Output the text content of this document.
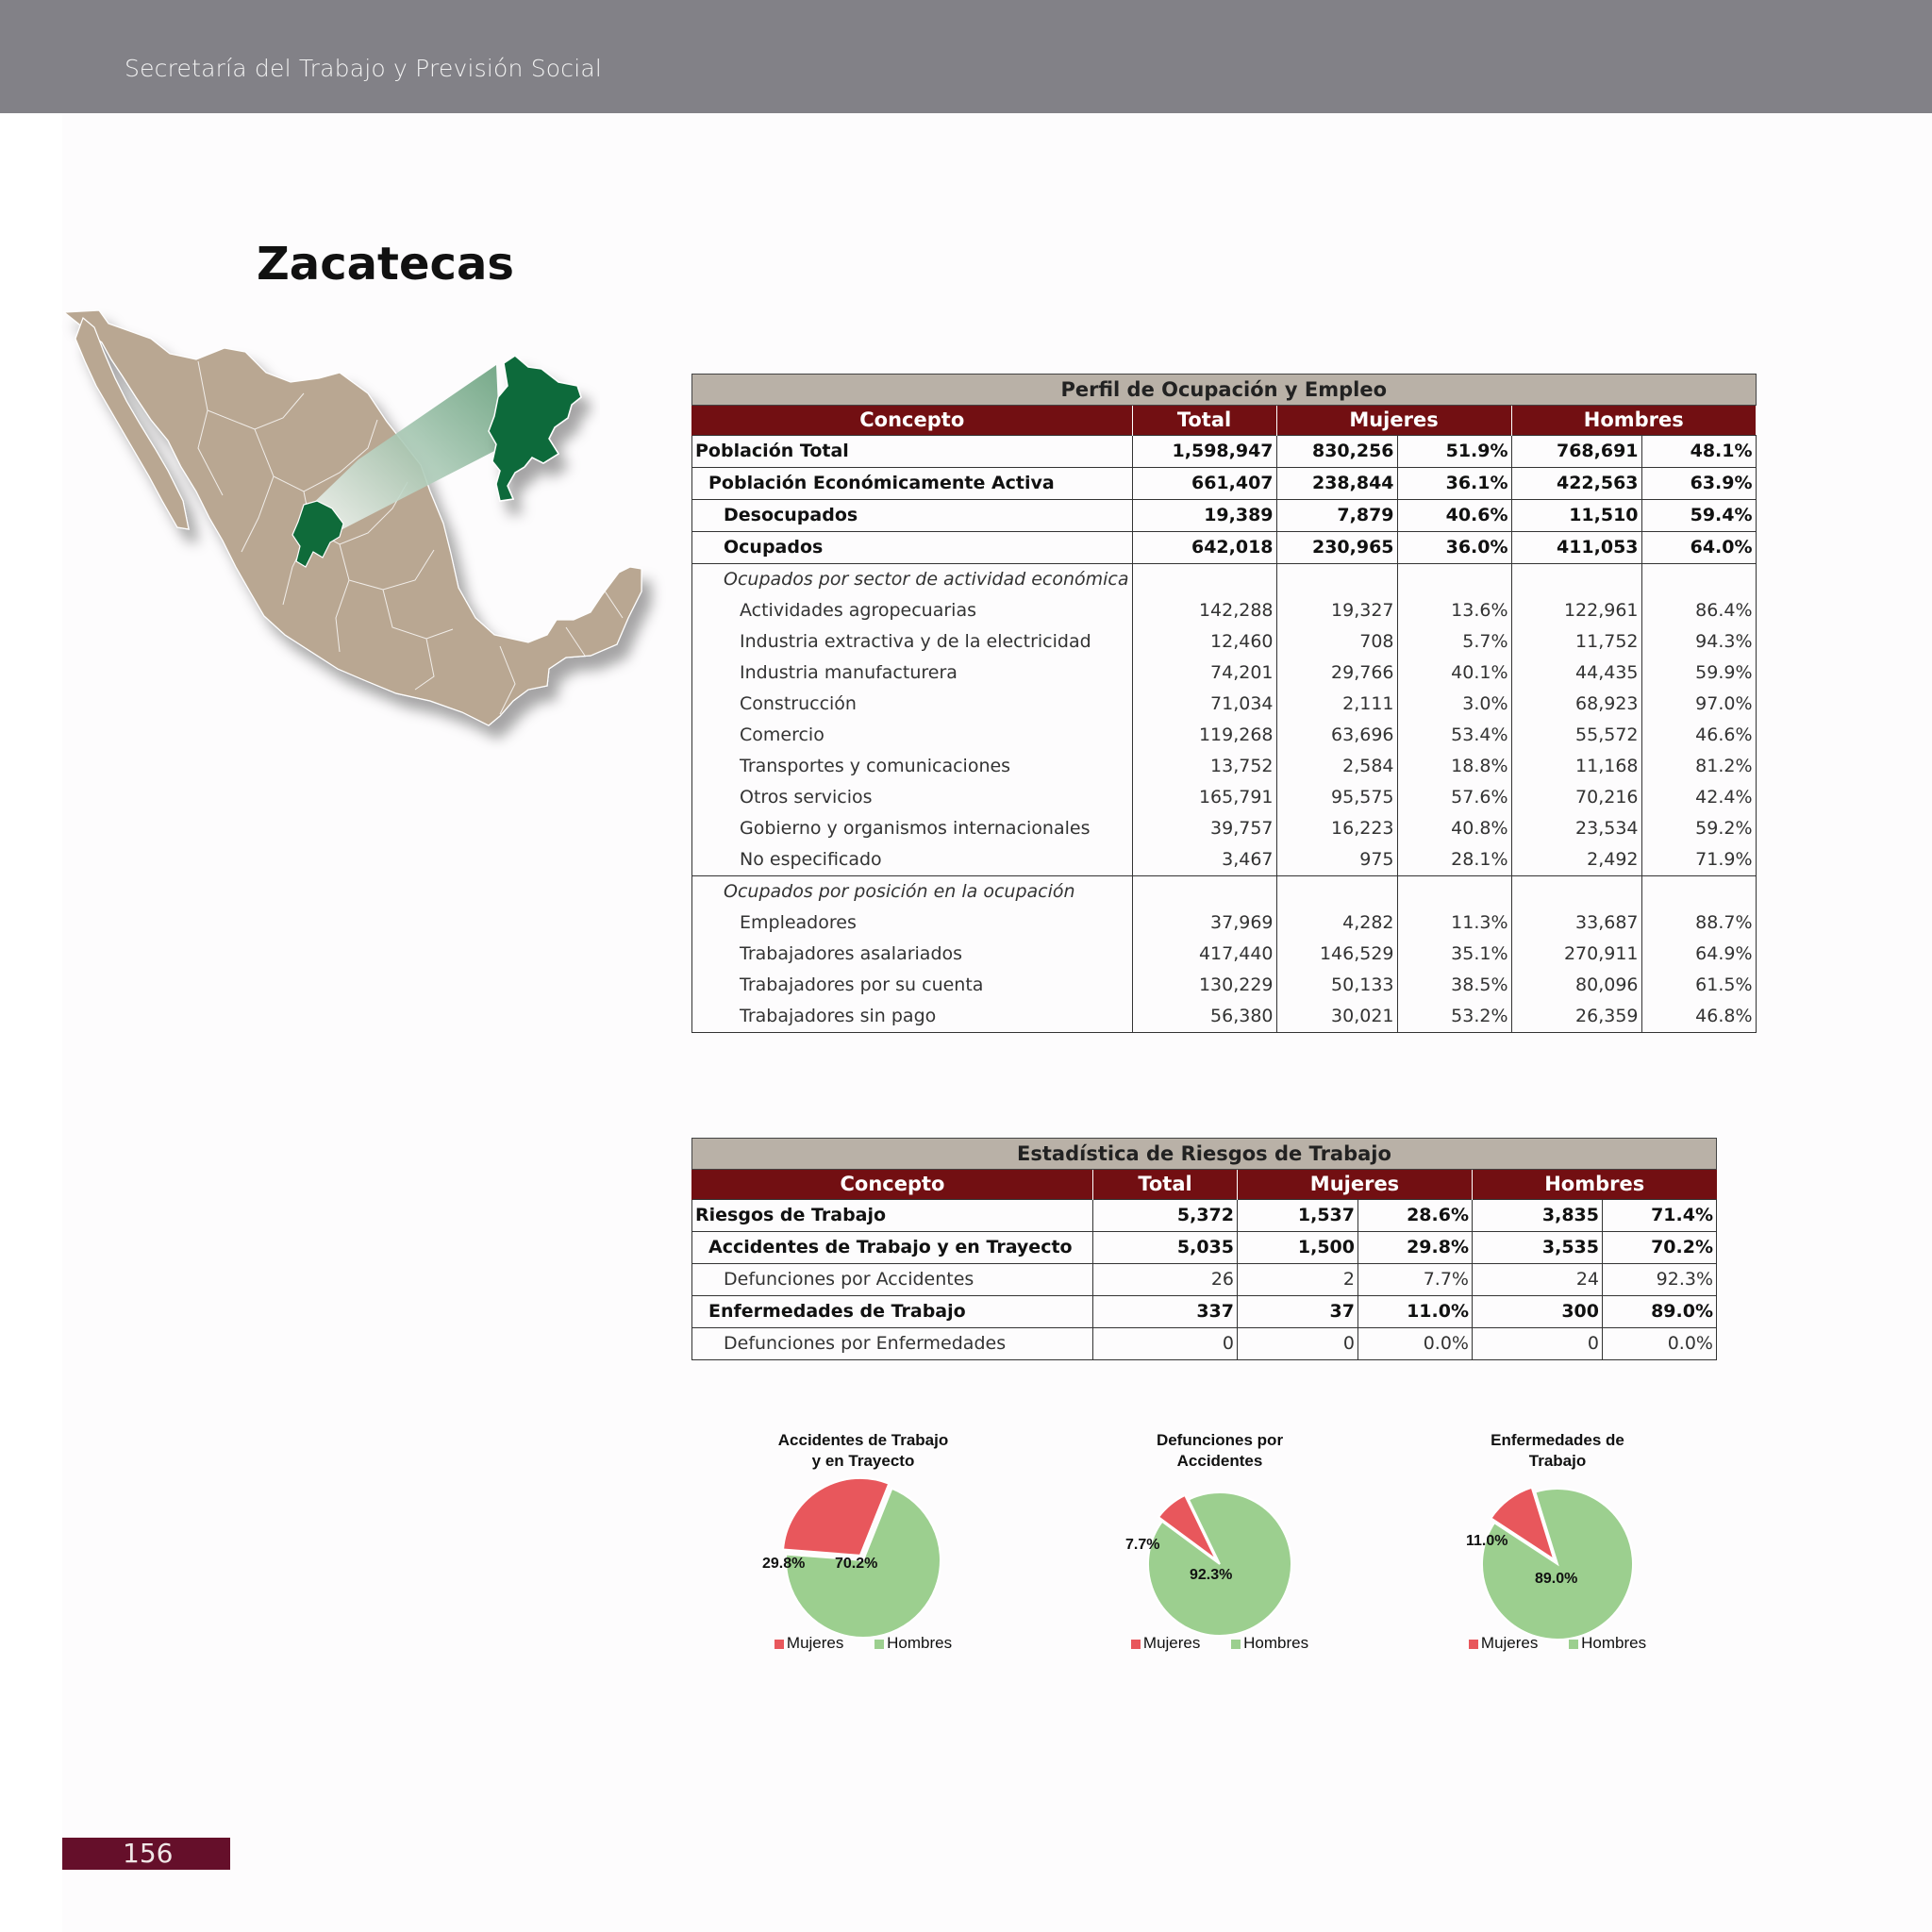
Secretaría del Trabajo y Previsión Social
Zacatecas
Perfil de Ocupación y Empleo					
Concepto	Total	Mujeres		Hombres	
Población Total	1,598,947	830,256	51.9%	768,691	48.1%
Población Económicamente Activa	661,407	238,844	36.1%	422,563	63.9%
Desocupados	19,389	7,879	40.6%	11,510	59.4%
Ocupados	642,018	230,965	36.0%	411,053	64.0%
Ocupados por sector de actividad económica					
Actividades agropecuarias	142,288	19,327	13.6%	122,961	86.4%
Industria extractiva y de la electricidad	12,460	708	5.7%	11,752	94.3%
Industria manufacturera	74,201	29,766	40.1%	44,435	59.9%
Construcción	71,034	2,111	3.0%	68,923	97.0%
Comercio	119,268	63,696	53.4%	55,572	46.6%
Transportes y comunicaciones	13,752	2,584	18.8%	11,168	81.2%
Otros servicios	165,791	95,575	57.6%	70,216	42.4%
Gobierno y organismos internacionales	39,757	16,223	40.8%	23,534	59.2%
No especificado	3,467	975	28.1%	2,492	71.9%
Ocupados por posición en la ocupación					
Empleadores	37,969	4,282	11.3%	33,687	88.7%
Trabajadores asalariados	417,440	146,529	35.1%	270,911	64.9%
Trabajadores por su cuenta	130,229	50,133	38.5%	80,096	61.5%
Trabajadores sin pago	56,380	30,021	53.2%	26,359	46.8%
Estadística de Riesgos de Trabajo					
Concepto	Total	Mujeres		Hombres	
Riesgos de Trabajo	5,372	1,537	28.6%	3,835	71.4%
Accidentes de Trabajo y en Trayecto	5,035	1,500	29.8%	3,535	70.2%
Defunciones por Accidentes	26	2	7.7%	24	92.3%
Enfermedades de Trabajo	337	37	11.0%	300	89.0%
Defunciones por Enfermedades	0	0	0.0%	0	0.0%
Accidentes de Trabajo
y en Trayecto
29.8% 70.2%
Mujeres	Hombres
Defunciones por
Accidentes
7.7%
92.3%
Mujeres	Hombres
Enfermedades de
Trabajo
11.0%
89.0%
Mujeres	Hombres
156
